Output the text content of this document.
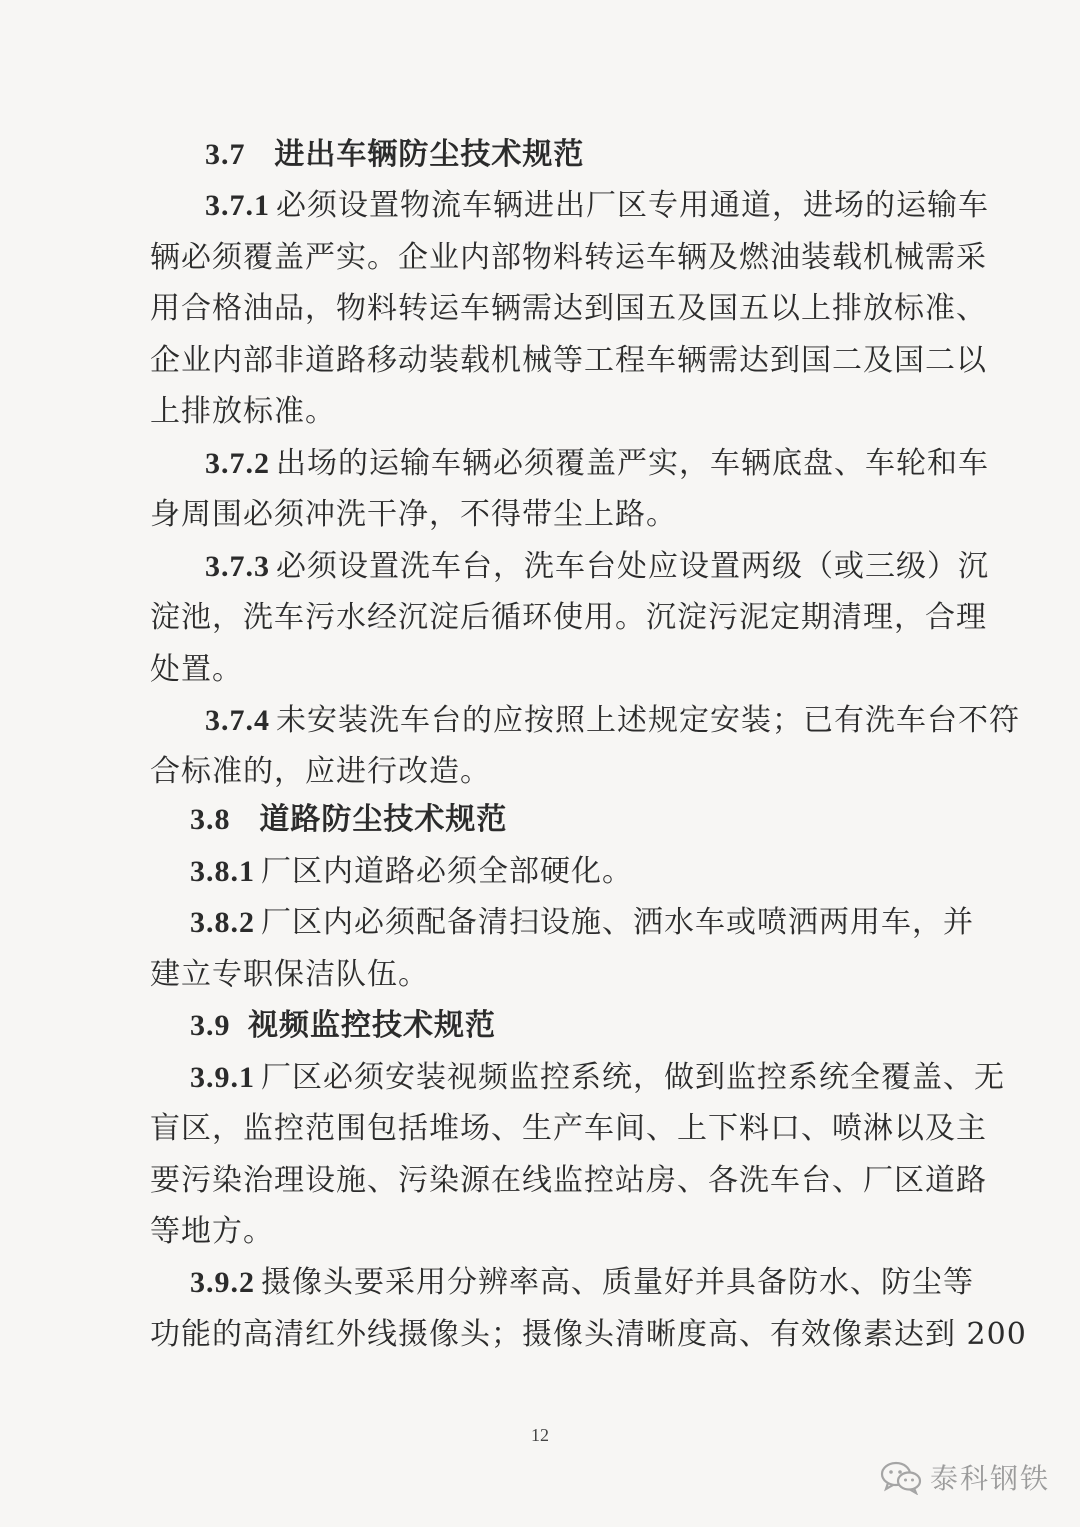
3.7 进出车辆防尘技术规范
3.7.1 必须设置物流车辆进出厂区专用通道，进场的运输车
辆必须覆盖严实。企业内部物料转运车辆及燃油装载机械需采
用合格油品，物料转运车辆需达到国五及国五以上排放标准、
企业内部非道路移动装载机械等工程车辆需达到国二及国二以
上排放标准。
3.7.2 出场的运输车辆必须覆盖严实，车辆底盘、车轮和车
身周围必须冲洗干净，不得带尘上路。
3.7.3 必须设置洗车台，洗车台处应设置两级（或三级）沉
淀池，洗车污水经沉淀后循环使用。沉淀污泥定期清理，合理
处置。
3.7.4 未安装洗车台的应按照上述规定安装；已有洗车台不符
合标准的，应进行改造。
3.8 道路防尘技术规范
3.8.1 厂区内道路必须全部硬化。
3.8.2 厂区内必须配备清扫设施、洒水车或喷洒两用车，并
建立专职保洁队伍。
3.9 视频监控技术规范
3.9.1 厂区必须安装视频监控系统，做到监控系统全覆盖、无
盲区，监控范围包括堆场、生产车间、上下料口、喷淋以及主
要污染治理设施、污染源在线监控站房、各洗车台、厂区道路
等地方。
3.9.2 摄像头要采用分辨率高、质量好并具备防水、防尘等
功能的高清红外线摄像头；摄像头清晰度高、有效像素达到 200
12
泰科钢铁
